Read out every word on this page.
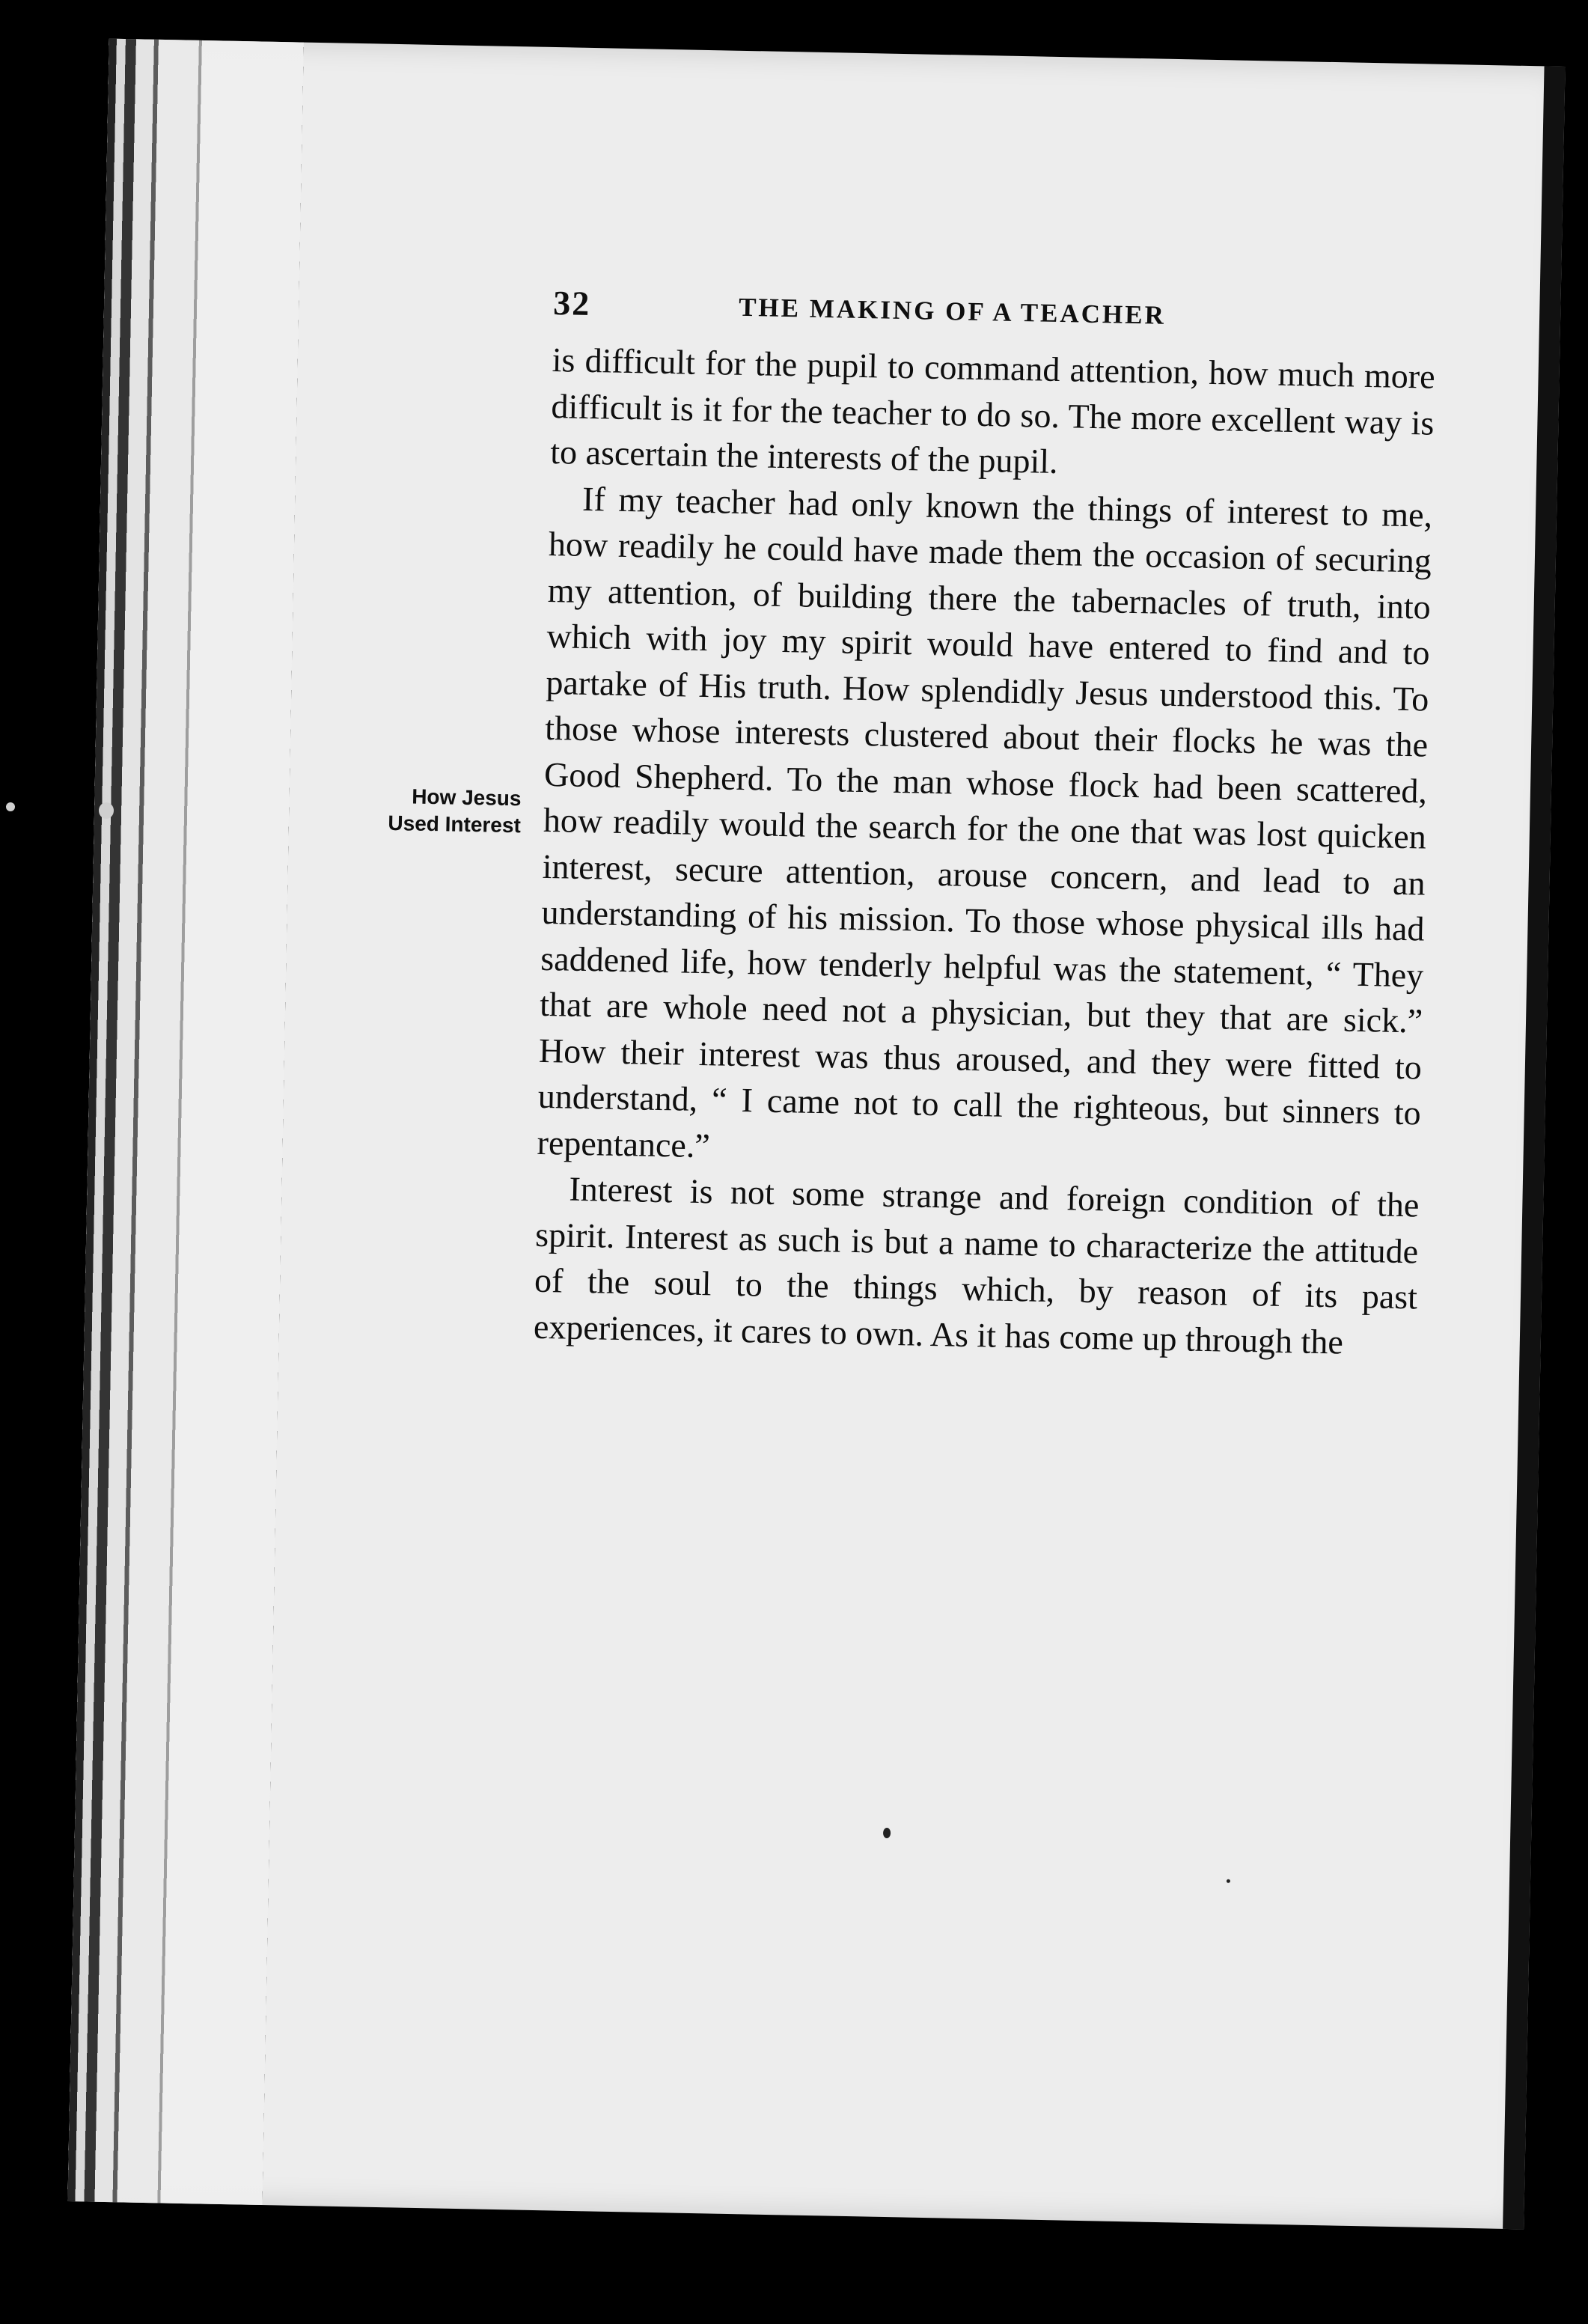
32	THE MAKING OF A TEACHER

is difficult for the pupil to command attention, how much more difficult is it for the teacher to do so. The more excellent way is to ascertain the interests of the pupil.

How Jesus
Used Interest

If my teacher had only known the things of interest to me, how readily he could have made them the occasion of securing my attention, of building there the tabernacles of truth, into which with joy my spirit would have entered to find and to partake of His truth. How splendidly Jesus understood this. To those whose interests clustered about their flocks he was the Good Shepherd. To the man whose flock had been scattered, how readily would the search for the one that was lost quicken interest, secure attention, arouse concern, and lead to an understanding of his mission. To those whose physical ills had saddened life, how tenderly helpful was the statement, “ They that are whole need not a physician, but they that are sick.” How their interest was thus aroused, and they were fitted to understand, “ I came not to call the righteous, but sinners to repentance.”

Interest is not some strange and foreign condition of the spirit. Interest as such is but a name to characterize the attitude of the soul to the things which, by reason of its past experiences, it cares to own. As it has come up through the
